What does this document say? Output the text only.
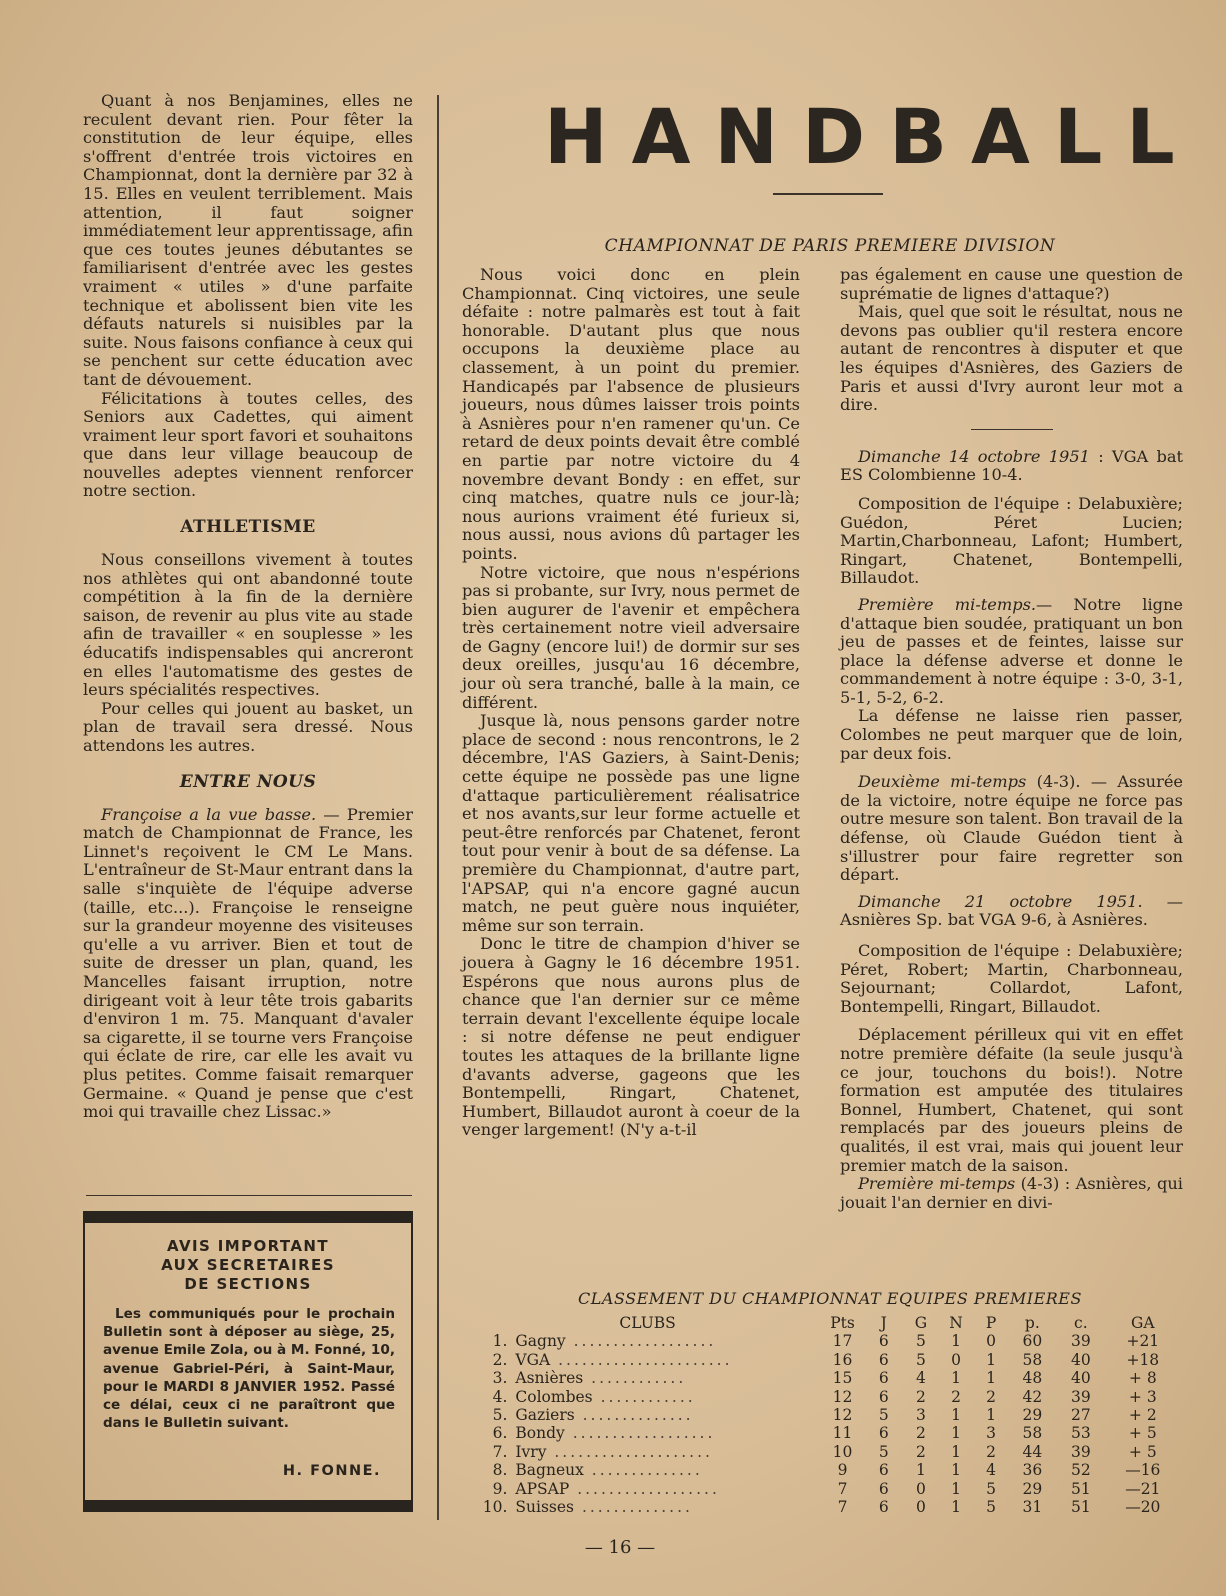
Quant à nos Benjamines, elles ne reculent devant rien. Pour fêter la constitution de leur équipe, elles s'offrent d'entrée trois victoires en Championnat, dont la dernière par 32 à 15. Elles en veulent terriblement. Mais attention, il faut soigner immédiatement leur apprentissage, afin que ces toutes jeunes débutantes se familiarisent d'entrée avec les gestes vraiment « utiles » d'une parfaite technique et abolissent bien vite les défauts naturels si nuisibles par la suite. Nous faisons confiance à ceux qui se penchent sur cette éducation avec tant de dévouement.

Félicitations à toutes celles, des Seniors aux Cadettes, qui aiment vraiment leur sport favori et souhaitons que dans leur village beaucoup de nouvelles adeptes viennent renforcer notre section.

ATHLETISME

Nous conseillons vivement à toutes nos athlètes qui ont abandonné toute compétition à la fin de la dernière saison, de revenir au plus vite au stade afin de travailler « en souplesse » les éducatifs indispensables qui ancreront en elles l'automatisme des gestes de leurs spécialités respectives.

Pour celles qui jouent au basket, un plan de travail sera dressé. Nous attendons les autres.

ENTRE NOUS

Françoise a la vue basse. — Premier match de Championnat de France, les Linnet's reçoivent le CM Le Mans. L'entraîneur de St-Maur entrant dans la salle s'inquiète de l'équipe adverse (taille, etc...). Françoise le renseigne sur la grandeur moyenne des visiteuses qu'elle a vu arriver. Bien et tout de suite de dresser un plan, quand, les Mancelles faisant irruption, notre dirigeant voit à leur tête trois gabarits d'environ 1 m. 75. Manquant d'avaler sa cigarette, il se tourne vers Françoise qui éclate de rire, car elle les avait vu plus petites. Comme faisait remarquer Germaine. « Quand je pense que c'est moi qui travaille chez Lissac.»

AVIS IMPORTANT
AUX SECRETAIRES
DE SECTIONS

Les communiqués pour le prochain Bulletin sont à déposer au siège, 25, avenue Emile Zola, ou à M. Fonné, 10, avenue Gabriel-Péri, à Saint-Maur, pour le MARDI 8 JANVIER 1952. Passé ce délai, ceux ci ne paraîtront que dans le Bulletin suivant.

H. FONNE.
HANDBALL
CHAMPIONNAT DE PARIS PREMIERE DIVISION

Nous voici donc en plein Championnat. Cinq victoires, une seule défaite : notre palmarès est tout à fait honorable. D'autant plus que nous occupons la deuxième place au classement, à un point du premier. Handicapés par l'absence de plusieurs joueurs, nous dûmes laisser trois points à Asnières pour n'en ramener qu'un. Ce retard de deux points devait être comblé en partie par notre victoire du 4 novembre devant Bondy : en effet, sur cinq matches, quatre nuls ce jour-là; nous aurions vraiment été furieux si, nous aussi, nous avions dû partager les points.

Notre victoire, que nous n'espérions pas si probante, sur Ivry, nous permet de bien augurer de l'avenir et empêchera très certainement notre vieil adversaire de Gagny (encore lui!) de dormir sur ses deux oreilles, jusqu'au 16 décembre, jour où sera tranché, balle à la main, ce différent.

Jusque là, nous pensons garder notre place de second : nous rencontrons, le 2 décembre, l'AS Gaziers, à Saint-Denis; cette équipe ne possède pas une ligne d'attaque particulièrement réalisatrice et nos avants,sur leur forme actuelle et peut-être renforcés par Chatenet, feront tout pour venir à bout de sa défense. La première du Championnat, d'autre part, l'APSAP, qui n'a encore gagné aucun match, ne peut guère nous inquiéter, même sur son terrain.

Donc le titre de champion d'hiver se jouera à Gagny le 16 décembre 1951. Espérons que nous aurons plus de chance que l'an dernier sur ce même terrain devant l'excellente équipe locale : si notre défense ne peut endiguer toutes les attaques de la brillante ligne d'avants adverse, gageons que les Bontempelli, Ringart, Chatenet, Humbert, Billaudot auront à coeur de la venger largement! (N'y a-t-il

pas également en cause une question de suprématie de lignes d'attaque?)

Mais, quel que soit le résultat, nous ne devons pas oublier qu'il restera encore autant de rencontres à disputer et que les équipes d'Asnières, des Gaziers de Paris et aussi d'Ivry auront leur mot a dire.

Dimanche 14 octobre 1951 : VGA bat ES Colombienne 10-4.

Composition de l'équipe : Delabuxière; Guédon, Péret Lucien; Martin,Charbonneau, Lafont; Humbert, Ringart, Chatenet, Bontempelli, Billaudot.

Première mi-temps.— Notre ligne d'attaque bien soudée, pratiquant un bon jeu de passes et de feintes, laisse sur place la défense adverse et donne le commandement à notre équipe : 3-0, 3-1, 5-1, 5-2, 6-2.

La défense ne laisse rien passer, Colombes ne peut marquer que de loin, par deux fois.

Deuxième mi-temps (4-3). — Assurée de la victoire, notre équipe ne force pas outre mesure son talent. Bon travail de la défense, où Claude Guédon tient à s'illustrer pour faire regretter son départ.

Dimanche 21 octobre 1951. — Asnières Sp. bat VGA 9-6, à Asnières.

Composition de l'équipe : Delabuxière; Péret, Robert; Martin, Charbonneau, Sejournant; Collardot, Lafont, Bontempelli, Ringart, Billaudot.

Déplacement périlleux qui vit en effet notre première défaite (la seule jusqu'à ce jour, touchons du bois!). Notre formation est amputée des titulaires Bonnel, Humbert, Chatenet, qui sont remplacés par des joueurs pleins de qualités, il est vrai, mais qui jouent leur premier match de la saison.

Première mi-temps (4-3) : Asnières, qui jouait l'an dernier en divi-

CLASSEMENT DU CHAMPIONNAT EQUIPES PREMIERES
	CLUBS	Pts	J	G	N	P	p.	c.	GA
1.	Gagny ..................	17	6	5	1	0	60	39	+21
2.	VGA ......................	16	6	5	0	1	58	40	+18
3.	Asnières ............	15	6	4	1	1	48	40	+ 8
4.	Colombes ............	12	6	2	2	2	42	39	+ 3
5.	Gaziers ..............	12	5	3	1	1	29	27	+ 2
6.	Bondy ..................	11	6	2	1	3	58	53	+ 5
7.	Ivry ....................	10	5	2	1	2	44	39	+ 5
8.	Bagneux ..............	9	6	1	1	4	36	52	—16
9.	APSAP ..................	7	6	0	1	5	29	51	—21
10.	Suisses ..............	7	6	0	1	5	31	51	—20
— 16 —
